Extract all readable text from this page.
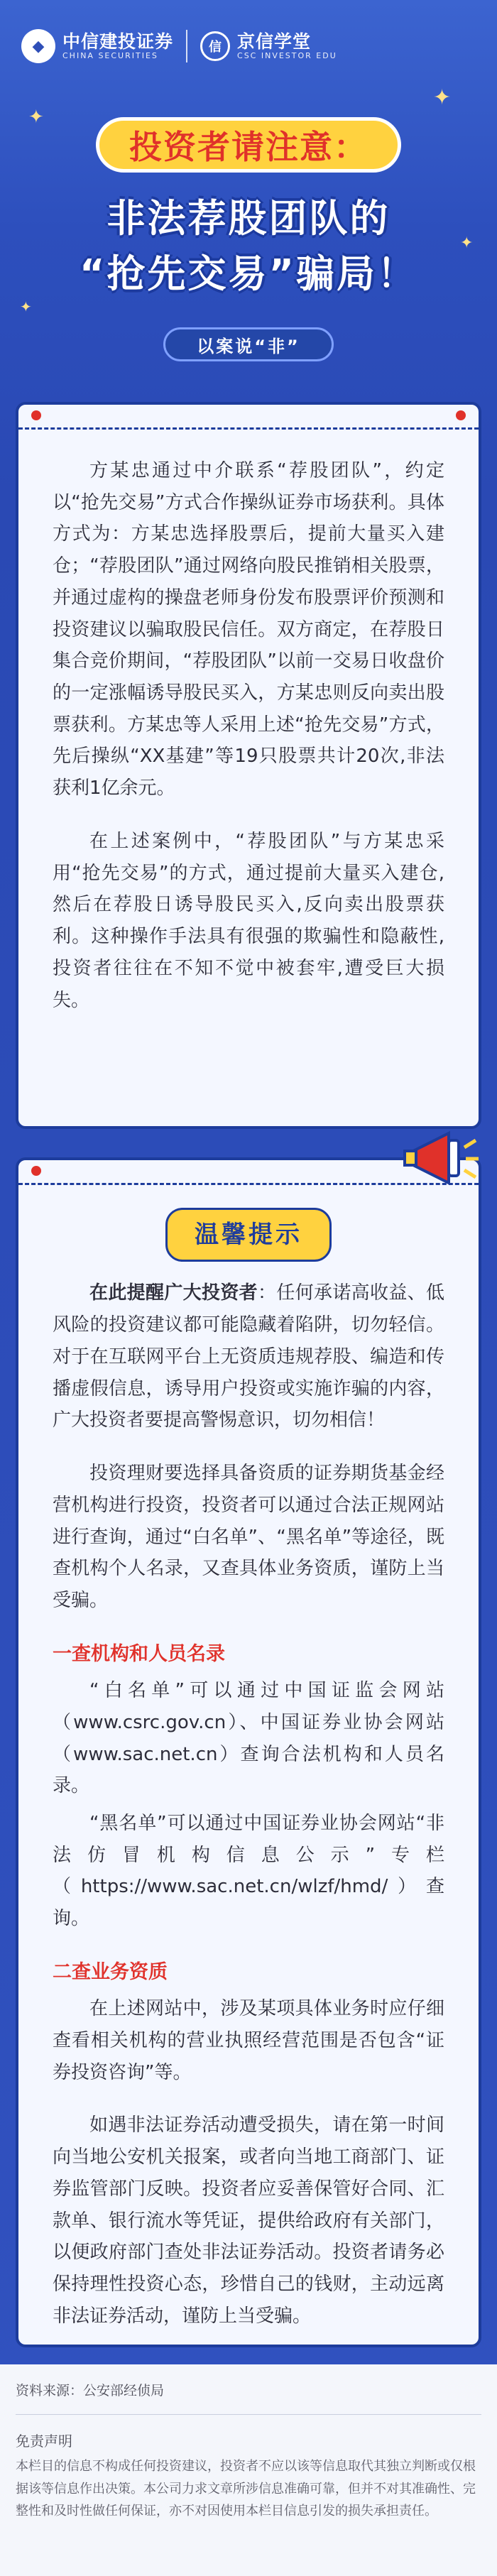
◆	中信建投证券
CHINA SECURITIES
信 京信学堂
CSC INVESTOR EDU
✦
✦
✦
✦
投资者请注意：
非法荐股团队的
“抢先交易”骗局！
以案说“非”

方某忠通过中介联系“荐股团队”，约定以“抢先交易”方式合作操纵证券市场获利。具体方式为：方某忠选择股票后，提前大量买入建仓；“荐股团队”通过网络向股民推销相关股票，并通过虚构的操盘老师身份发布股票评价预测和投资建议以骗取股民信任。双方商定，在荐股日集合竞价期间，“荐股团队”以前一交易日收盘价的一定涨幅诱导股民买入，方某忠则反向卖出股票获利。方某忠等人采用上述“抢先交易”方式，先后操纵“XX基建”等19只股票共计20次,非法获利1亿余元。

在上述案例中，“荐股团队”与方某忠采用“抢先交易”的方式，通过提前大量买入建仓,然后在荐股日诱导股民买入,反向卖出股票获利。这种操作手法具有很强的欺骗性和隐蔽性,投资者往往在不知不觉中被套牢,遭受巨大损失。

温馨提示

在此提醒广大投资者：任何承诺高收益、低风险的投资建议都可能隐藏着陷阱，切勿轻信。对于在互联网平台上无资质违规荐股、编造和传播虚假信息，诱导用户投资或实施诈骗的内容，广大投资者要提高警惕意识，切勿相信！

投资理财要选择具备资质的证券期货基金经营机构进行投资，投资者可以通过合法正规网站进行查询，通过“白名单”、“黑名单”等途径，既查机构个人名录，又查具体业务资质，谨防上当受骗。

一查机构和人员名录

“白名单”可以通过中国证监会网站（www.csrc.gov.cn）、中国证券业协会网站（www.sac.net.cn）查询合法机构和人员名录。

“黑名单”可以通过中国证券业协会网站“非法仿冒机构信息公示”专栏（https://www.sac.net.cn/wlzf/hmd/）查询。

二查业务资质

在上述网站中，涉及某项具体业务时应仔细查看相关机构的营业执照经营范围是否包含“证券投资咨询”等。

如遇非法证券活动遭受损失，请在第一时间向当地公安机关报案，或者向当地工商部门、证券监管部门反映。投资者应妥善保管好合同、汇款单、银行流水等凭证，提供给政府有关部门，以便政府部门查处非法证券活动。投资者请务必保持理性投资心态，珍惜自己的钱财，主动远离非法证券活动，谨防上当受骗。

资料来源：公安部经侦局
免责声明
本栏目的信息不构成任何投资建议，投资者不应以该等信息取代其独立判断或仅根据该等信息作出决策。本公司力求文章所涉信息准确可靠，但并不对其准确性、完整性和及时性做任何保证，亦不对因使用本栏目信息引发的损失承担责任。
